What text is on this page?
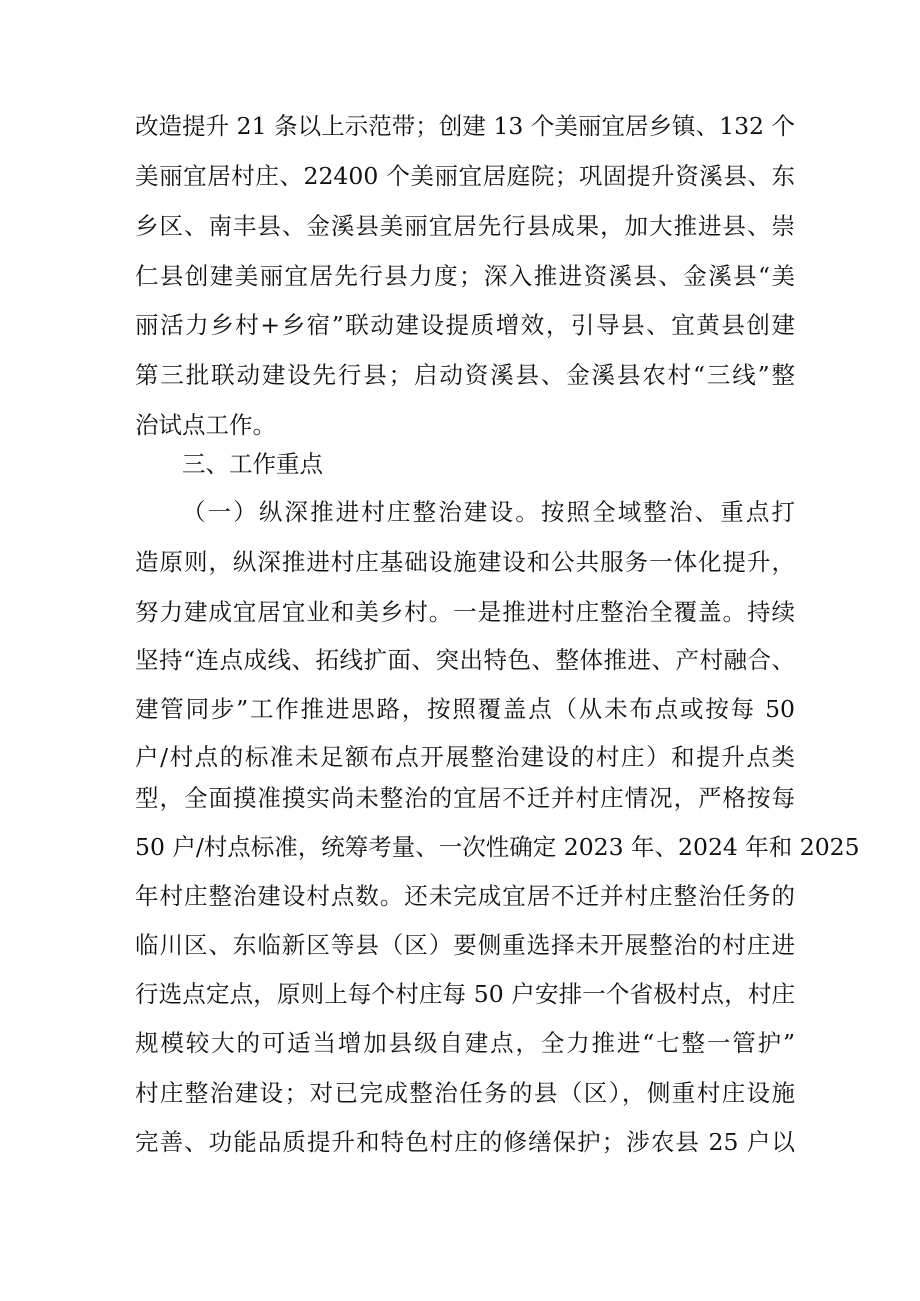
改造提升 21 条以上示范带；创建 13 个美丽宜居乡镇、132 个
美丽宜居村庄、22400 个美丽宜居庭院；巩固提升资溪县、东
乡区、南丰县、金溪县美丽宜居先行县成果，加大推进县、崇
仁县创建美丽宜居先行县力度；深入推进资溪县、金溪县“美
丽活力乡村+乡宿”联动建设提质增效，引导县、宜黄县创建
第三批联动建设先行县；启动资溪县、金溪县农村“三线”整
治试点工作。
三、工作重点
（一）纵深推进村庄整治建设。按照全域整治、重点打
造原则，纵深推进村庄基础设施建设和公共服务一体化提升，
努力建成宜居宜业和美乡村。一是推进村庄整治全覆盖。持续
坚持“连点成线、拓线扩面、突出特色、整体推进、产村融合、
建管同步”工作推进思路，按照覆盖点（从未布点或按每 50
户/村点的标准未足额布点开展整治建设的村庄）和提升点类
型，全面摸准摸实尚未整治的宜居不迁并村庄情况，严格按每
50 户/村点标准，统筹考量、一次性确定 2023 年、2024 年和 2025
年村庄整治建设村点数。还未完成宜居不迁并村庄整治任务的
临川区、东临新区等县（区）要侧重选择未开展整治的村庄进
行选点定点，原则上每个村庄每 50 户安排一个省极村点，村庄
规模较大的可适当增加县级自建点，全力推进“七整一管护”
村庄整治建设；对已完成整治任务的县（区），侧重村庄设施
完善、功能品质提升和特色村庄的修缮保护；涉农县 25 户以
